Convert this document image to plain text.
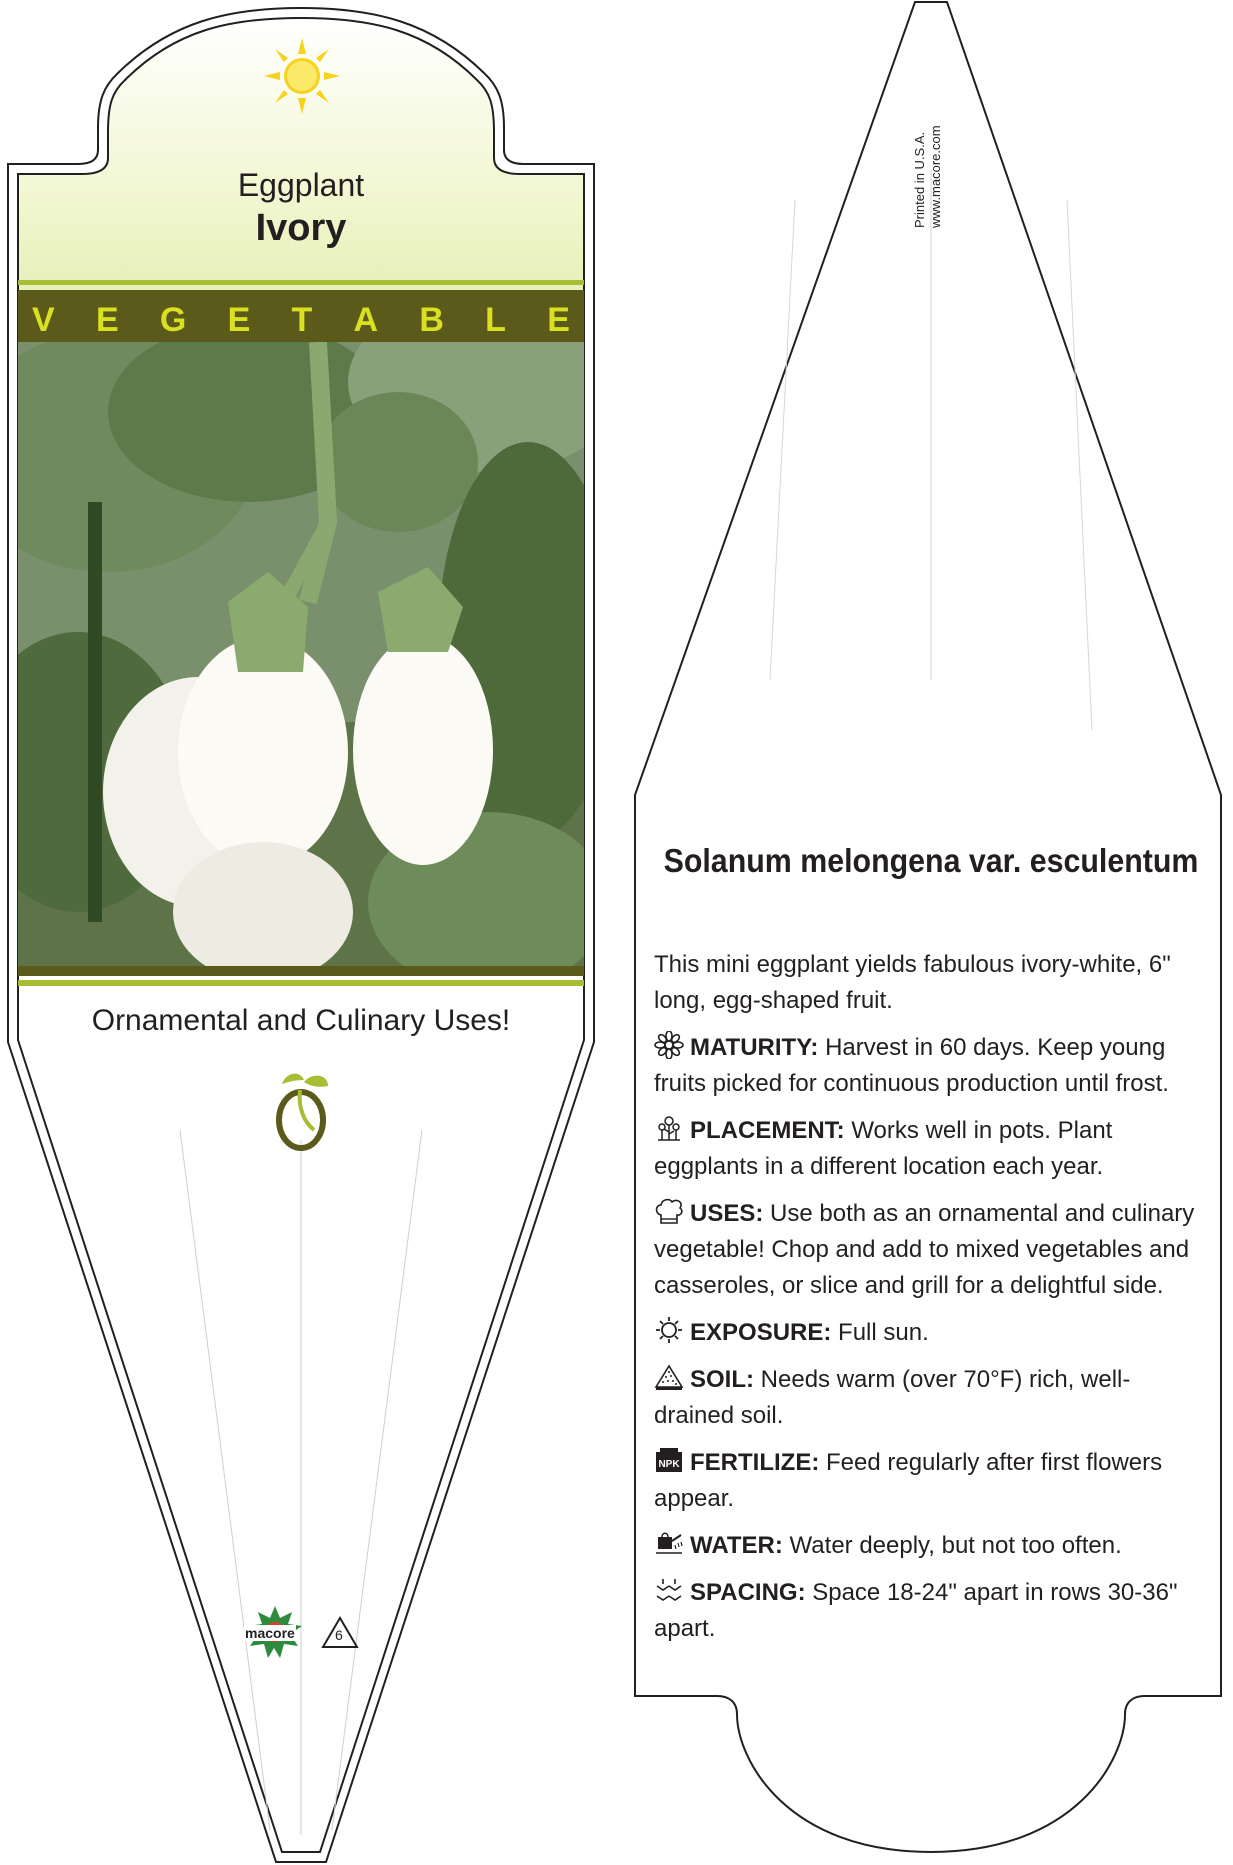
Eggplant
Ivory
V E G E T A B L E
Ornamental and Culinary Uses!
macore	6
Printed in U.S.A. www.macore.com
Solanum melongena var. esculentum
This mini eggplant yields fabulous ivory-white, 6" long, egg-shaped fruit.
MATURITY: Harvest in 60 days. Keep young fruits picked for continuous production until frost.
PLACEMENT: Works well in pots. Plant eggplants in a different location each year.
USES: Use both as an ornamental and culinary vegetable! Chop and add to mixed vegetables and casseroles, or slice and grill for a delightful side.
EXPOSURE: Full sun.
SOIL: Needs warm (over 70°F) rich, well-drained soil.
NPK FERTILIZE: Feed regularly after first flowers appear.
WATER: Water deeply, but not too often.
SPACING: Space 18-24" apart in rows 30-36" apart.
